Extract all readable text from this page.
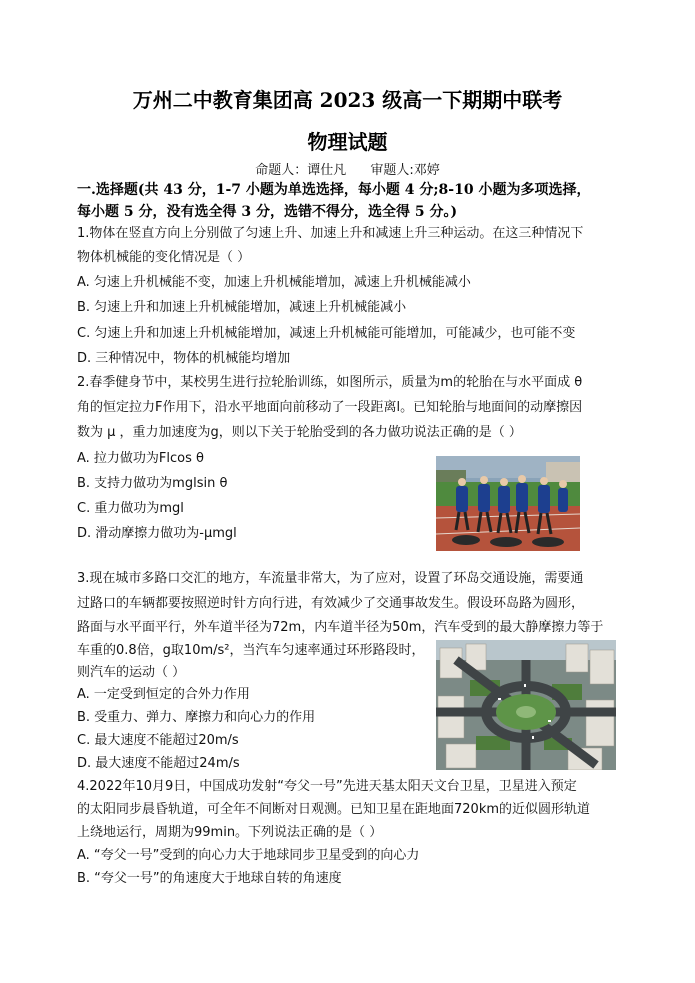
万州二中教育集团高 2023 级高一下期期中联考
物理试题
命题人：谭仕凡 审题人:邓婷
一.选择题(共 43 分，1-7 小题为单选选择，每小题 4 分;8-10 小题为多项选择，
每小题 5 分，没有选全得 3 分，选错不得分，选全得 5 分。)
1.物体在竖直方向上分别做了匀速上升、加速上升和减速上升三种运动。在这三种情况下
物体机械能的变化情况是（ ）
A. 匀速上升机械能不变，加速上升机械能增加，减速上升机械能减小
B. 匀速上升和加速上升机械能增加，减速上升机械能减小
C. 匀速上升和加速上升机械能增加，减速上升机械能可能增加，可能减少，也可能不变
D. 三种情况中，物体的机械能均增加
2.春季健身节中，某校男生进行拉轮胎训练，如图所示，质量为m的轮胎在与水平面成 θ
角的恒定拉力F作用下，沿水平地面向前移动了一段距离l。已知轮胎与地面间的动摩擦因
数为 μ ，重力加速度为g，则以下关于轮胎受到的各力做功说法正确的是（ ）
A. 拉力做功为Flcos θ
B. 支持力做功为mglsin θ
C. 重力做功为mgl
D. 滑动摩擦力做功为-μmgl
3.现在城市多路口交汇的地方，车流量非常大，为了应对，设置了环岛交通设施，需要通
过路口的车辆都要按照逆时针方向行进，有效减少了交通事故发生。假设环岛路为圆形，
路面与水平面平行，外车道半径为72m，内车道半径为50m，汽车受到的最大静摩擦力等于
车重的0.8倍，g取10m/s²，当汽车匀速率通过环形路段时，
则汽车的运动（ ）
A. 一定受到恒定的合外力作用
B. 受重力、弹力、摩擦力和向心力的作用
C. 最大速度不能超过20m/s
D. 最大速度不能超过24m/s
4.2022年10月9日，中国成功发射“夸父一号”先进天基太阳天文台卫星，卫星进入预定
的太阳同步晨昏轨道，可全年不间断对日观测。已知卫星在距地面720km的近似圆形轨道
上绕地运行，周期为99min。下列说法正确的是（ ）
A. “夸父一号”受到的向心力大于地球同步卫星受到的向心力
B. “夸父一号”的角速度大于地球自转的角速度
